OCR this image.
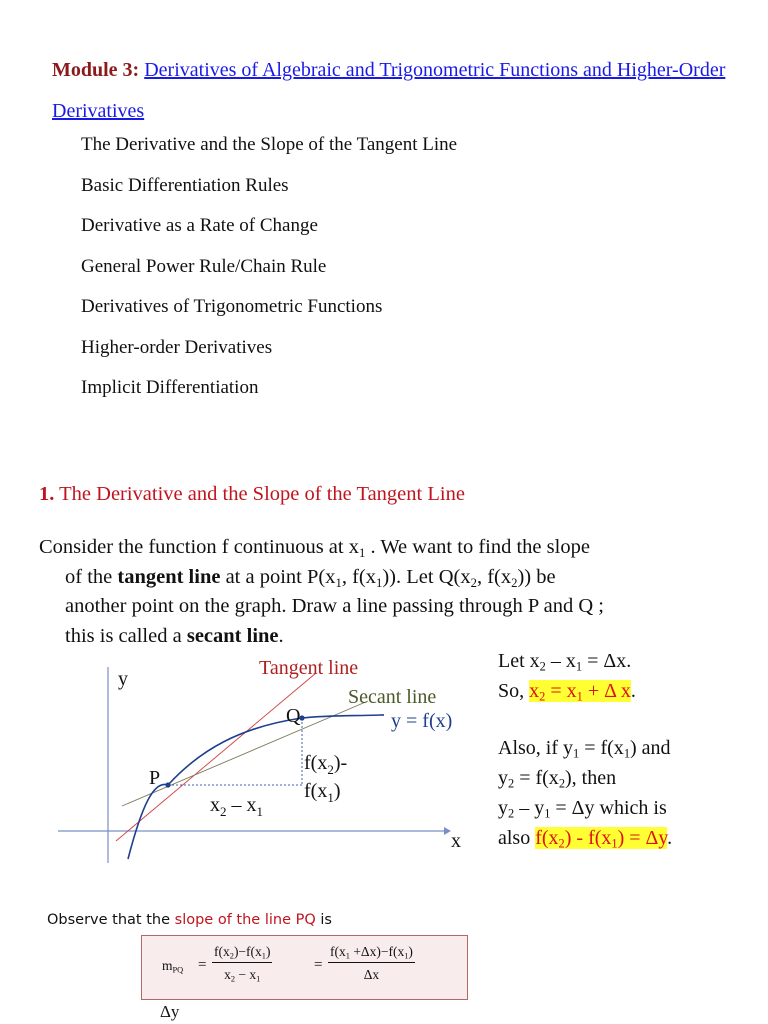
Module 3: Derivatives of Algebraic and Trigonometric Functions and Higher-Order Derivatives
The Derivative and the Slope of the Tangent Line
Basic Differentiation Rules
Derivative as a Rate of Change
General Power Rule/Chain Rule
Derivatives of Trigonometric Functions
Higher-order Derivatives
Implicit Differentiation
1. The Derivative and the Slope of the Tangent Line

Consider the function f continuous at $x_1$ . We want to find the slope

of the tangent line at a point $P(x_1$, $f(x_1)$). Let $Q(x_2$, $f(x_2)$) be

another point on the graph. Draw a line passing through P and Q ;

this is called a secant line.

y
x
Tangent line
Secant line
y = f(x)
P
Q
$x_2 - x_1$
$f(x_2)-$
$f(x_1)$
Let $x_2 - x_1 = \Delta x$.
So, $x_2 = x_1 + \Delta$ x.
Also, if $y_1 = f(x_1)$ and
$y_2 = f(x_2)$, then
$y_2 - y_1 = \Delta y$ which is
also $f(x_2) - f(x_1) = \Delta y$.
Observe that the slope of the line PQ is
$m_{PQ} = \frac{f(x_2)-f(x_1)}{x_2 - x_1}$	= $\frac{f(x_1 +\Delta x)-f(x_1)}{\Delta x}$
Δy
